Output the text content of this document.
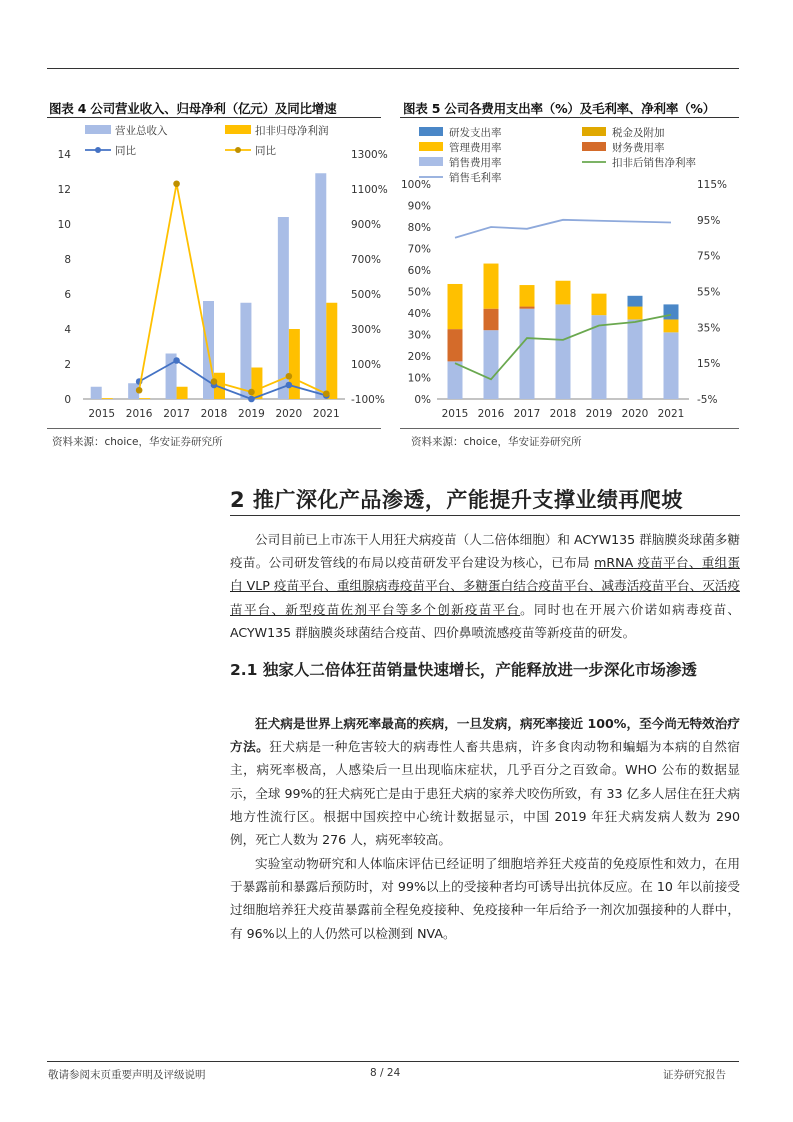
图表 4 公司营业收入、归母净利（亿元）及同比增速
0
2
4
6
8
10
12
14
-100%
100%
300%
500%
700%
900%
1100%
1300%
2015 2016 2017 2018 2019 2020 2021
营业总收入	扣非归母净利润
同比	同比
资料来源：choice，华安证券研究所
图表 5 公司各费用支出率（%）及毛利率、净利率（%）
0%
10%
20%
30%
40%
50%
60%
70%
80%
90%
100%
-5%
15%
35%
55%
75%
95%
115%
2015 2016 2017 2018 2019 2020 2021
研发支出率	税金及附加
管理费用率	财务费用率
销售费用率	扣非后销售净利率
销售毛利率
资料来源：choice，华安证券研究所
2 推广深化产品渗透，产能提升支撑业绩再爬坡
公司目前已上市冻干人用狂犬病疫苗（人二倍体细胞）和 ACYW135 群脑膜炎球菌多糖疫苗。公司研发管线的布局以疫苗研发平台建设为核心，已布局 mRNA 疫苗平台、重组蛋白 VLP 疫苗平台、重组腺病毒疫苗平台、多糖蛋白结合疫苗平台、减毒活疫苗平台、灭活疫苗平台、新型疫苗佐剂平台等多个创新疫苗平台。同时也在开展六价诺如病毒疫苗、ACYW135 群脑膜炎球菌结合疫苗、四价鼻喷流感疫苗等新疫苗的研发。
2.1 独家人二倍体狂苗销量快速增长，产能释放进一步深化市场渗透
狂犬病是世界上病死率最高的疾病，一旦发病，病死率接近 100%，至今尚无特效治疗方法。狂犬病是一种危害较大的病毒性人畜共患病，许多食肉动物和蝙蝠为本病的自然宿主，病死率极高，人感染后一旦出现临床症状，几乎百分之百致命。WHO 公布的数据显示，全球 99%的狂犬病死亡是由于患狂犬病的家养犬咬伤所致，有 33 亿多人居住在狂犬病地方性流行区。根据中国疾控中心统计数据显示，中国 2019 年狂犬病发病人数为 290 例，死亡人数为 276 人，病死率较高。
实验室动物研究和人体临床评估已经证明了细胞培养狂犬疫苗的免疫原性和效力，在用于暴露前和暴露后预防时，对 99%以上的受接种者均可诱导出抗体反应。在 10 年以前接受过细胞培养狂犬疫苗暴露前全程免疫接种、免疫接种一年后给予一剂次加强接种的人群中，有 96%以上的人仍然可以检测到 NVA。
敬请参阅末页重要声明及评级说明	8 / 24	证券研究报告
